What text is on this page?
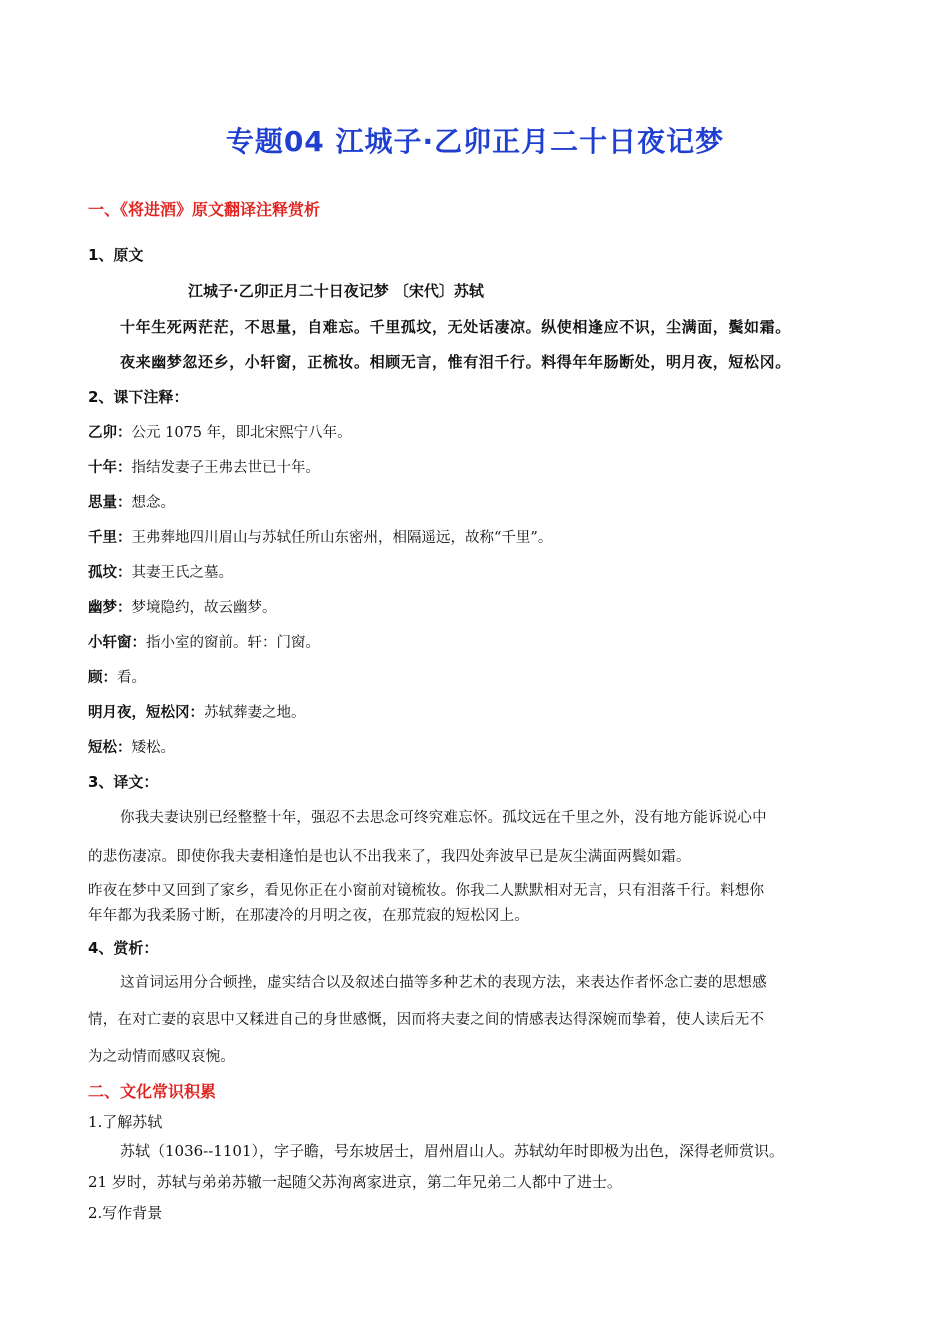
专题04 江城子·乙卯正月二十日夜记梦
一、《将进酒》原文翻译注释赏析
1、原文
江城子·乙卯正月二十日夜记梦 〔宋代〕苏轼
十年生死两茫茫，不思量，自难忘。千里孤坟，无处话凄凉。纵使相逢应不识，尘满面，鬓如霜。
夜来幽梦忽还乡，小轩窗，正梳妆。相顾无言，惟有泪千行。料得年年肠断处，明月夜，短松冈。
2、课下注释：
乙卯：公元 1075 年，即北宋熙宁八年。
十年：指结发妻子王弗去世已十年。
思量：想念。
千里：王弗葬地四川眉山与苏轼任所山东密州，相隔遥远，故称“千里”。
孤坟：其妻王氏之墓。
幽梦：梦境隐约，故云幽梦。
小轩窗：指小室的窗前。轩：门窗。
顾：看。
明月夜，短松冈：苏轼葬妻之地。
短松：矮松。
3、译文：
你我夫妻诀别已经整整十年，强忍不去思念可终究难忘怀。孤坟远在千里之外，没有地方能诉说心中
的悲伤凄凉。即使你我夫妻相逢怕是也认不出我来了，我四处奔波早已是灰尘满面两鬓如霜。
昨夜在梦中又回到了家乡，看见你正在小窗前对镜梳妆。你我二人默默相对无言，只有泪落千行。料想你
年年都为我柔肠寸断，在那凄冷的月明之夜，在那荒寂的短松冈上。
4、赏析：
这首词运用分合顿挫，虚实结合以及叙述白描等多种艺术的表现方法，来表达作者怀念亡妻的思想感
情，在对亡妻的哀思中又糅进自己的身世感慨，因而将夫妻之间的情感表达得深婉而挚着，使人读后无不
为之动情而感叹哀惋。
二、文化常识积累
1.了解苏轼
苏轼（1036--1101），字子瞻，号东坡居士，眉州眉山人。苏轼幼年时即极为出色，深得老师赏识。
21 岁时，苏轼与弟弟苏辙一起随父苏洵离家进京，第二年兄弟二人都中了进士。
2.写作背景
